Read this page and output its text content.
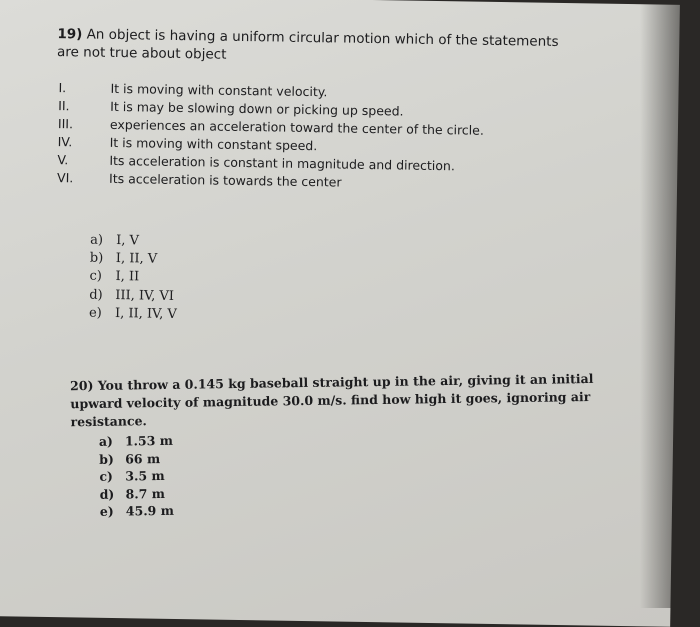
19) An object is having a uniform circular motion which of the statements are not true about object
I.	It is moving with constant velocity.
II.	It is may be slowing down or picking up speed.
III.	experiences an acceleration toward the center of the circle.
IV.	It is moving with constant speed.
V.	Its acceleration is constant in magnitude and direction.
VI.	Its acceleration is towards the center
a) I, V
b) I, II, V
c) I, II
d) III, IV, VI
e) I, II, IV, V
20) You throw a 0.145 kg baseball straight up in the air, giving it an initial upward velocity of magnitude 30.0 m/s. find how high it goes, ignoring air resistance.
a) 1.53 m
b) 66 m
c) 3.5 m
d) 8.7 m
e) 45.9 m
